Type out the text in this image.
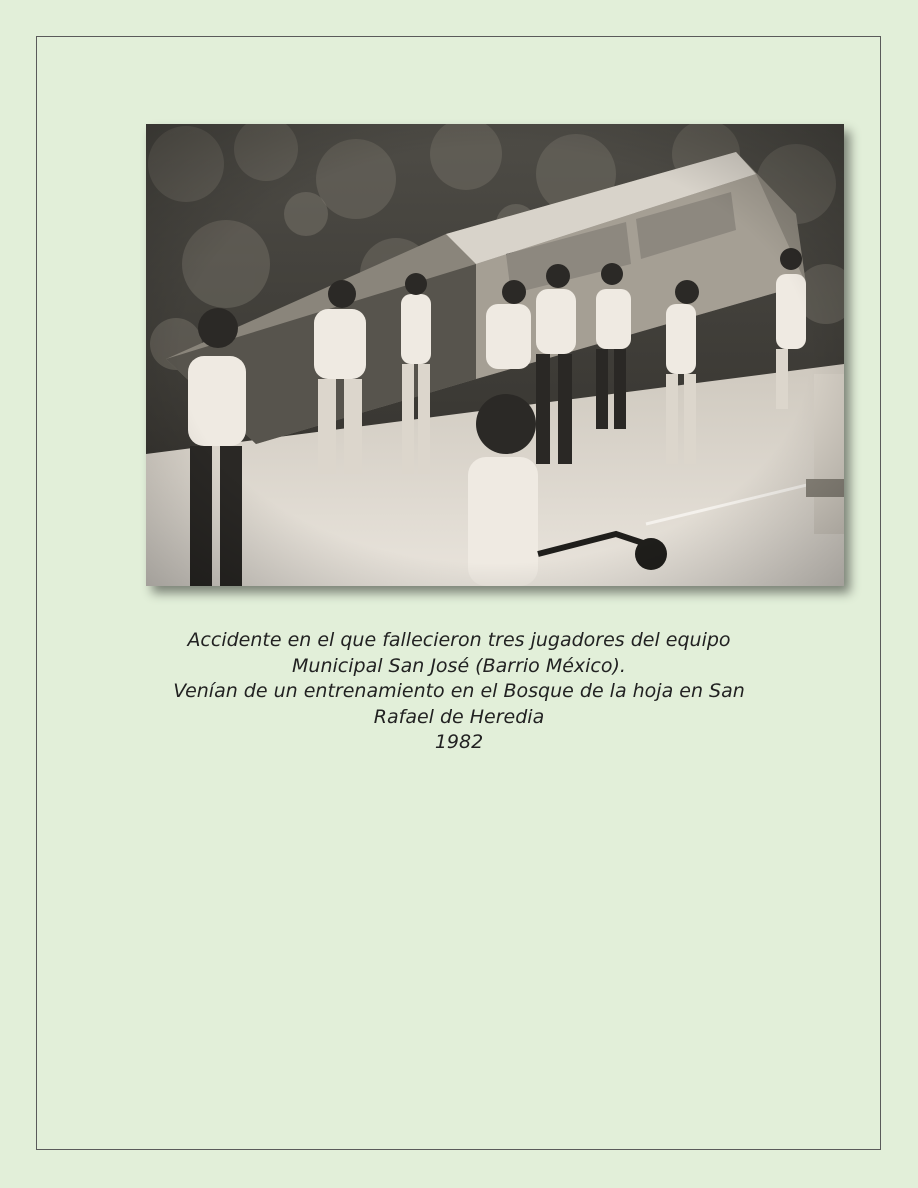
Accidente en el que fallecieron tres jugadores del equipo
Municipal San José (Barrio México).
Venían de un entrenamiento en el Bosque de la hoja en San
Rafael de Heredia
1982
